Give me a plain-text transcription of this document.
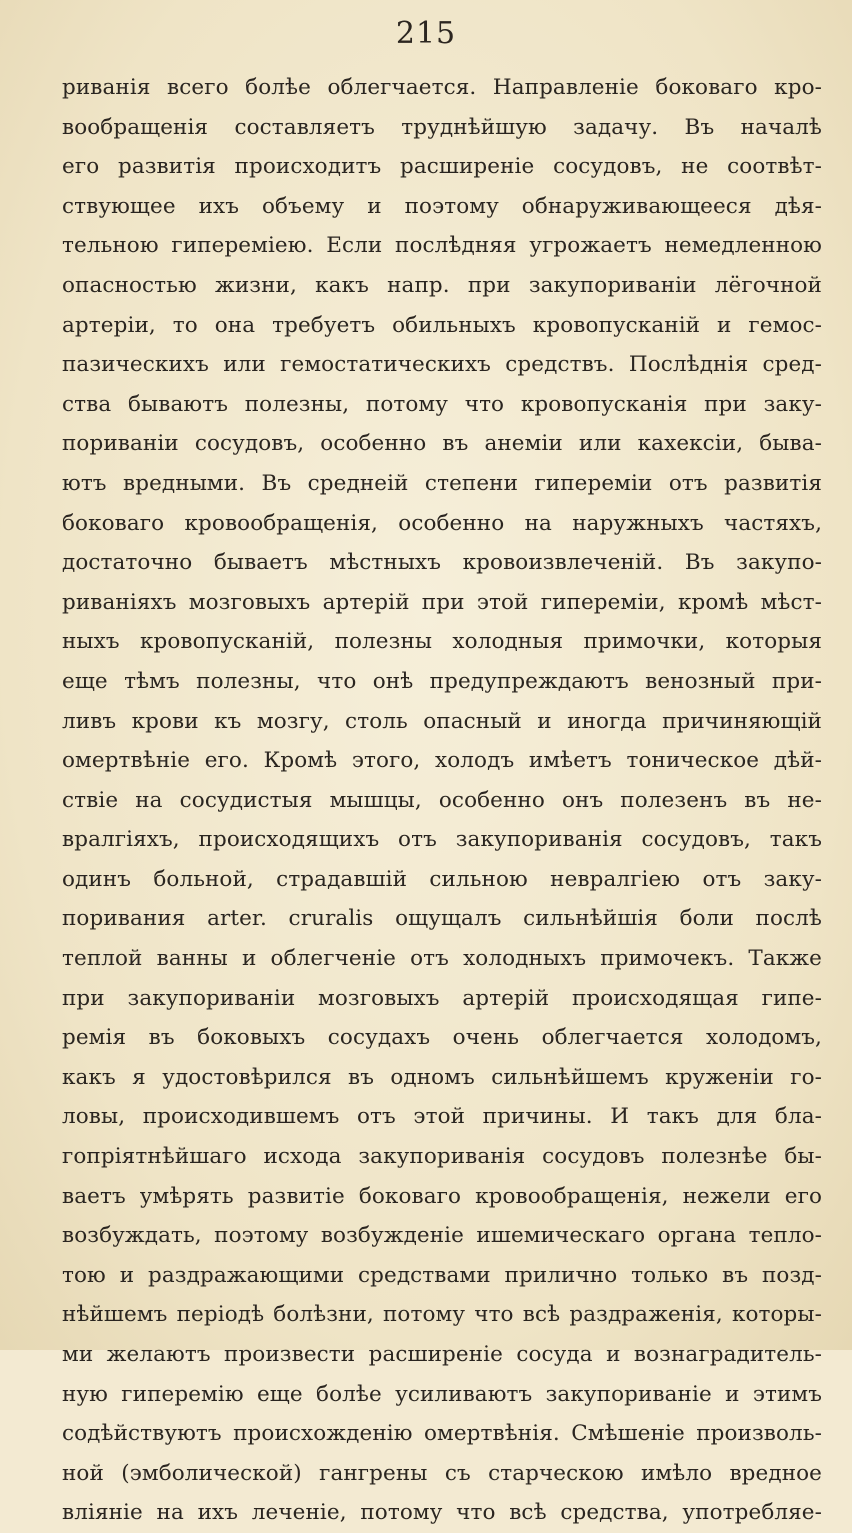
215
риванія всего болѣе облегчается. Направленіе боковаго кро-
вообращенія составляетъ труднѣйшую задачу. Въ началѣ
его развитія происходитъ расширеніе сосудовъ, не соотвѣт-
ствующее ихъ объему и поэтому обнаруживающееся дѣя-
тельною гипереміею. Если послѣдняя угрожаетъ немедленною
опасностью жизни, какъ напр. при закупориваніи лёгочной
артеріи, то она требуетъ обильныхъ кровопусканій и гемос-
пазическихъ или гемостатическихъ средствъ. Послѣднія сред-
ства бываютъ полезны, потому что кровопусканія при заку-
пориваніи сосудовъ, особенно въ анеміи или кахексіи, быва-
ютъ вредными. Въ среднеій степени гипереміи отъ развитія
боковаго кровообращенія, особенно на наружныхъ частяхъ,
достаточно бываетъ мѣстныхъ кровоизвлеченій. Въ закупо-
риваніяхъ мозговыхъ артерій при этой гипереміи, кромѣ мѣст-
ныхъ кровопусканій, полезны холодныя примочки, которыя
еще тѣмъ полезны, что онѣ предупреждаютъ венозный при-
ливъ крови къ мозгу, столь опасный и иногда причиняющій
омертвѣніе его. Кромѣ этого, холодъ имѣетъ тоническое дѣй-
ствіе на сосудистыя мышцы, особенно онъ полезенъ въ не-
вралгіяхъ, происходящихъ отъ закупориванія сосудовъ, такъ
одинъ больной, страдавшій сильною невралгіею отъ заку-
поривания arter. cruralis ощущалъ сильнѣйшія боли послѣ
теплой ванны и облегченіе отъ холодныхъ примочекъ. Также
при закупориваніи мозговыхъ артерій происходящая гипе-
ремія въ боковыхъ сосудахъ очень облегчается холодомъ,
какъ я удостовѣрился въ одномъ сильнѣйшемъ круженіи го-
ловы, происходившемъ отъ этой причины. И такъ для бла-
гопріятнѣйшаго исхода закупориванія сосудовъ полезнѣе бы-
ваетъ умѣрять развитіе боковаго кровообращенія, нежели его
возбуждать, поэтому возбужденіе ишемическаго органа тепло-
тою и раздражающими средствами прилично только въ позд-
нѣйшемъ періодѣ болѣзни, потому что всѣ раздраженія, которы-
ми желаютъ произвести расширеніе сосуда и вознаградитель-
ную гиперемію еще болѣе усиливаютъ закупориваніе и этимъ
содѣйствуютъ происхожденію омертвѣнія. Смѣшеніе произволь-
ной (эмболической) гангрены съ старческою имѣло вредное
вліяніе на ихъ леченіе, потому что всѣ средства, употребляе-
